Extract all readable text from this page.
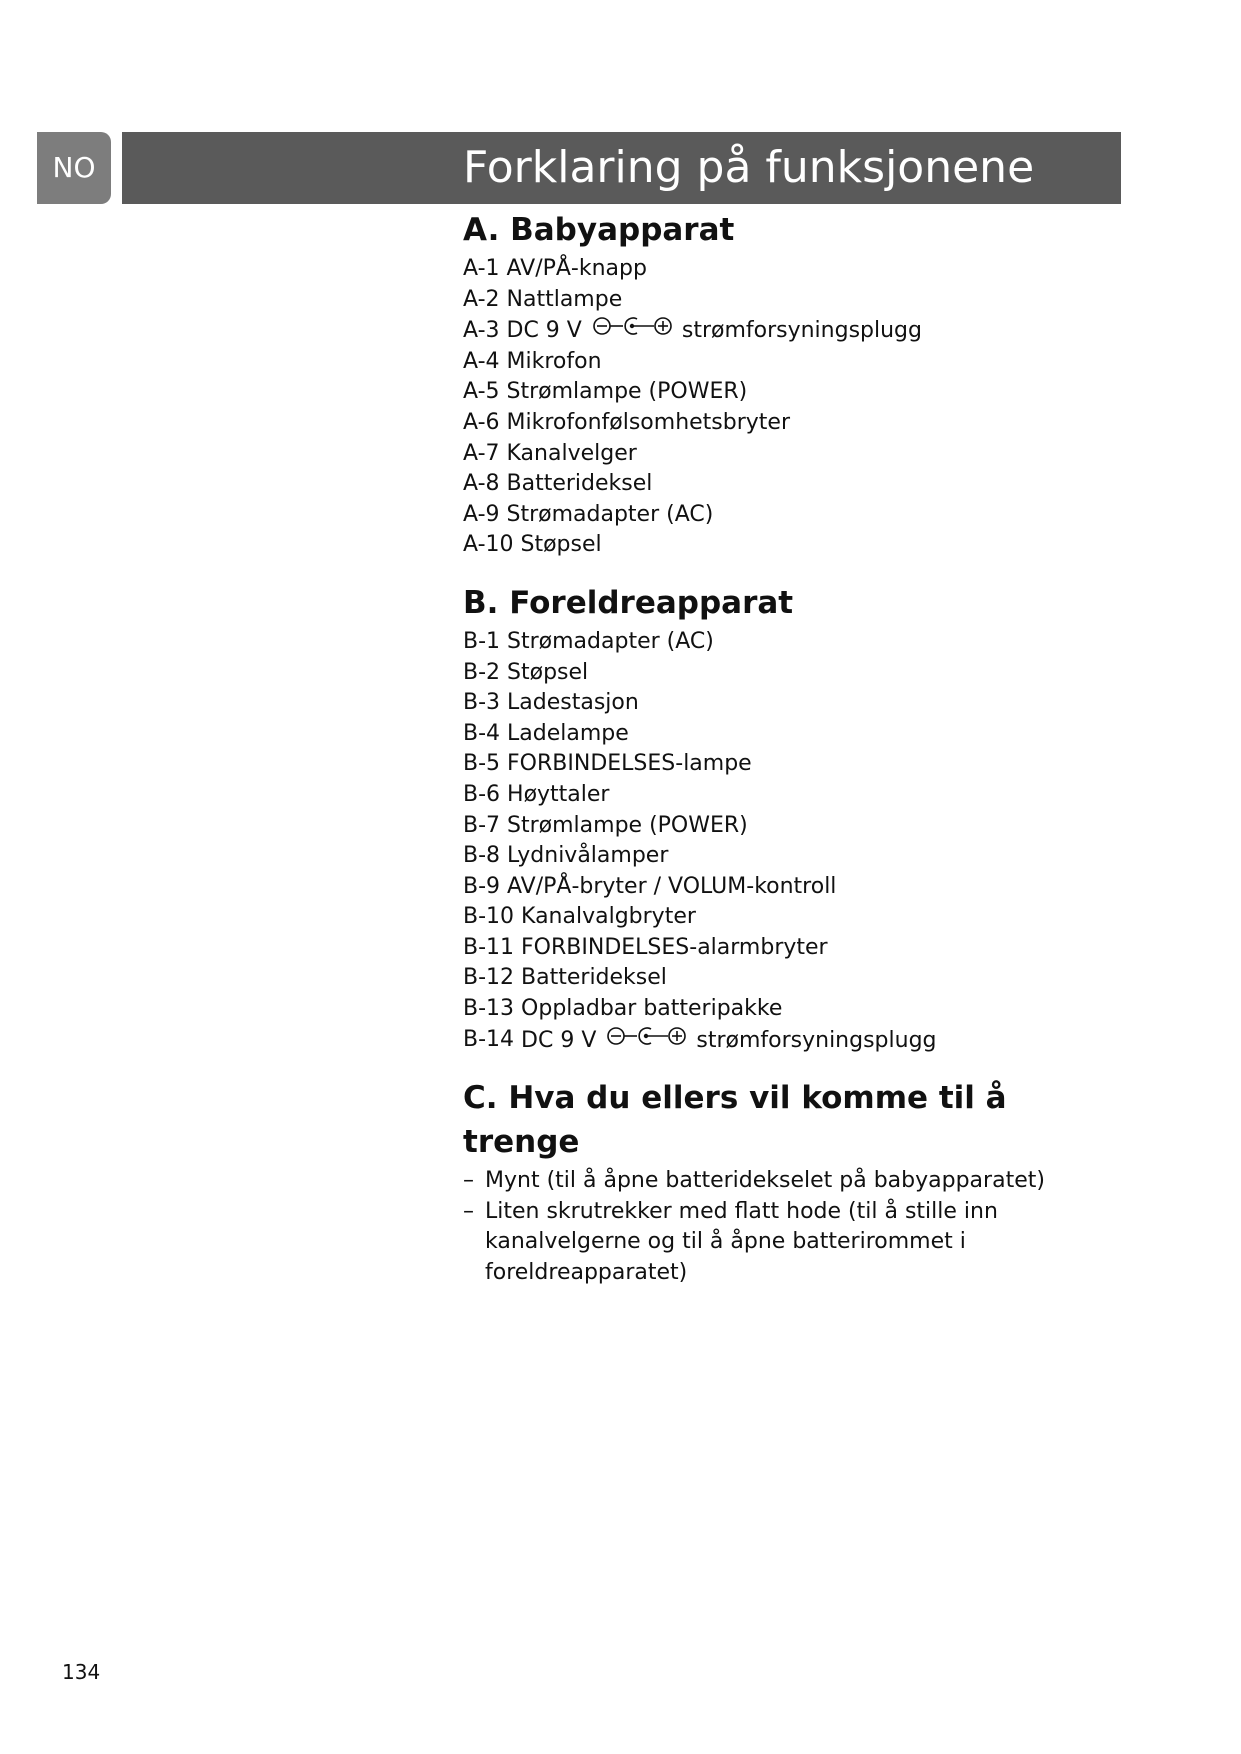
NO	Forklaring på funksjonene
A. Babyapparat
A-1 AV/PÅ-knapp
A-2 Nattlampe
A-3 DC 9 V	strømforsyningsplugg
A-4 Mikrofon
A-5 Strømlampe (POWER)
A-6 Mikrofonfølsomhetsbryter
A-7 Kanalvelger
A-8 Batterideksel
A-9 Strømadapter (AC)
A-10 Støpsel
B. Foreldreapparat
B-1 Strømadapter (AC)
B-2 Støpsel
B-3 Ladestasjon
B-4 Ladelampe
B-5 FORBINDELSES-lampe
B-6 Høyttaler
B-7 Strømlampe (POWER)
B-8 Lydnivålamper
B-9 AV/PÅ-bryter / VOLUM-kontroll
B-10 Kanalvalgbryter
B-11 FORBINDELSES-alarmbryter
B-12 Batterideksel
B-13 Oppladbar batteripakke
B-14 DC 9 V	strømforsyningsplugg
C. Hva du ellers vil komme til å trenge
– Mynt (til å åpne batteridekselet på babyapparatet)
– Liten skrutrekker med flatt hode (til å stille inn kanalvelgerne og til å åpne batterirommet i foreldreapparatet)
134
